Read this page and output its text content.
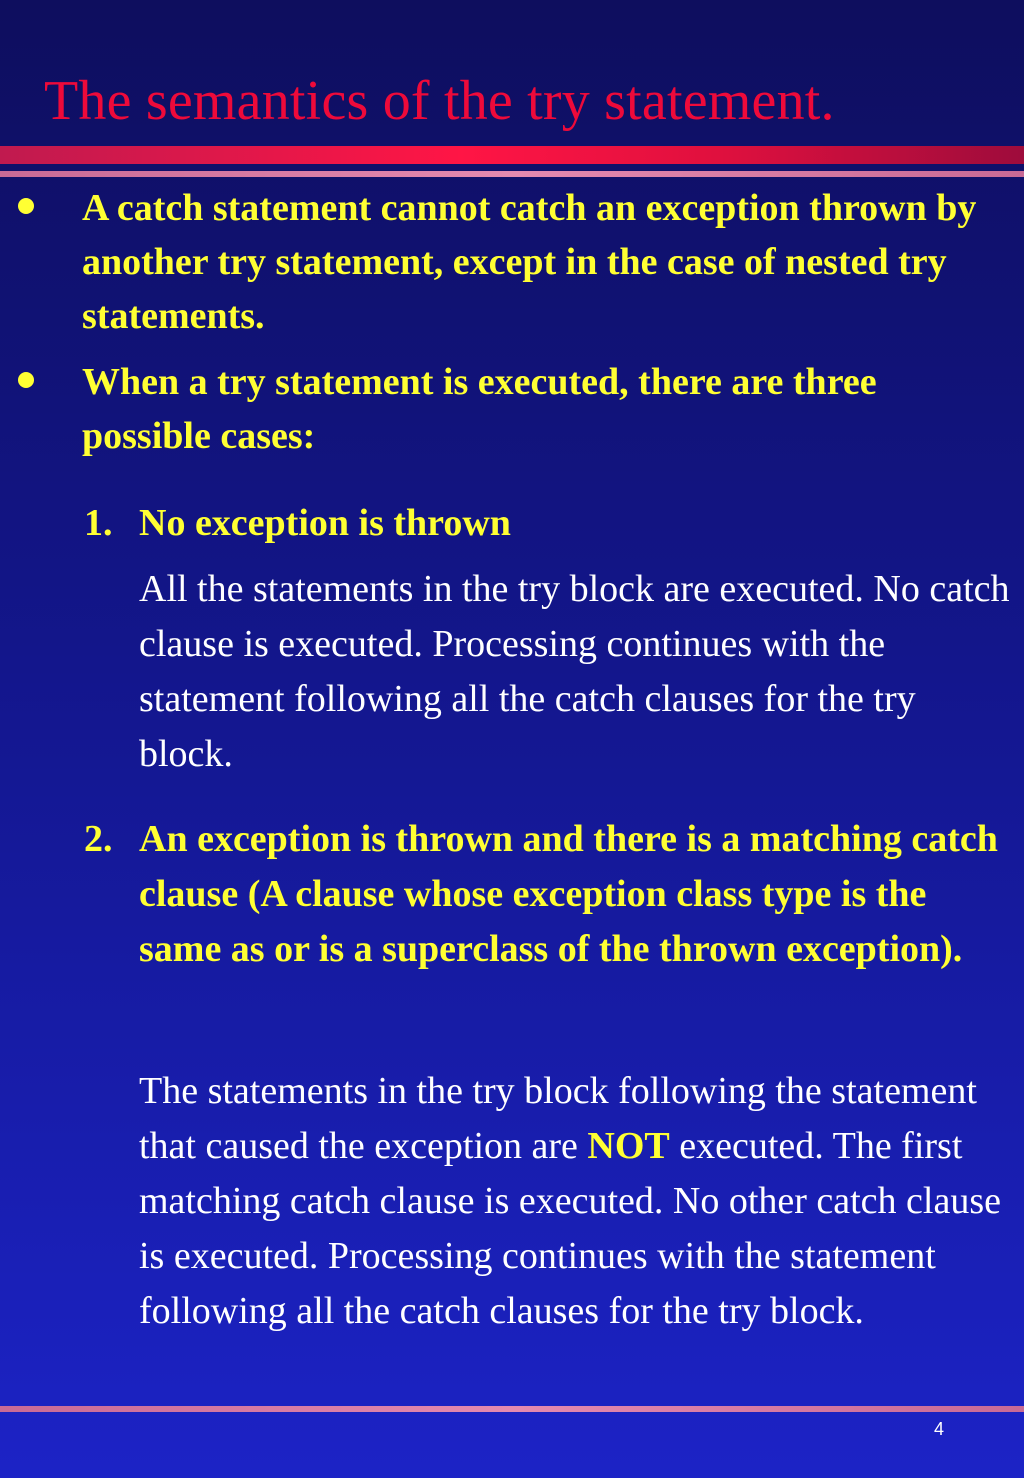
The semantics of the try statement.
A catch statement cannot catch an exception thrown by another try statement, except in the case of nested try statements.
When a try statement is executed, there are three possible cases:
1. No exception is thrown
All the statements in the try block are executed. No catch clause is executed. Processing continues with the statement following all the catch clauses for the try block.
2. An exception is thrown and there is a matching catch clause (A clause whose exception class type is the same as or is a superclass of the thrown exception).
The statements in the try block following the statement that caused the exception are NOT executed. The first matching catch clause is executed. No other catch clause is executed. Processing continues with the statement following all the catch clauses for the try block.
4
